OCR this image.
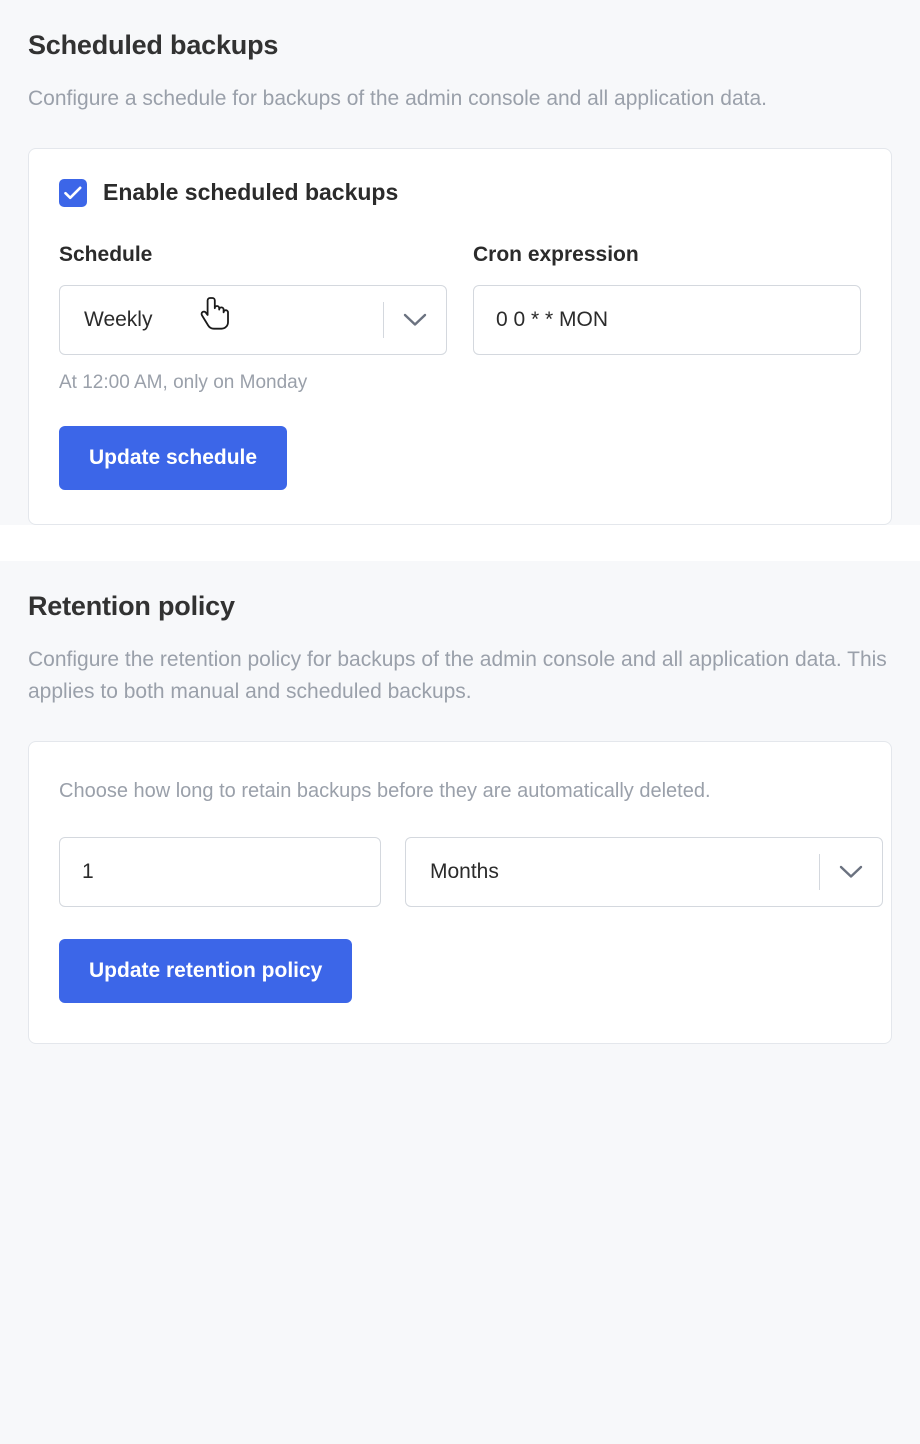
Scheduled backups

Configure a schedule for backups of the admin console and all application data.

Enable scheduled backups
Schedule
Weekly
At 12:00 AM, only on Monday
Cron expression
0 0 * * MON
Update schedule
Retention policy

Configure the retention policy for backups of the admin console and all application data. This applies to both manual and scheduled backups.

Choose how long to retain backups before they are automatically deleted.

1
Months
Update retention policy
